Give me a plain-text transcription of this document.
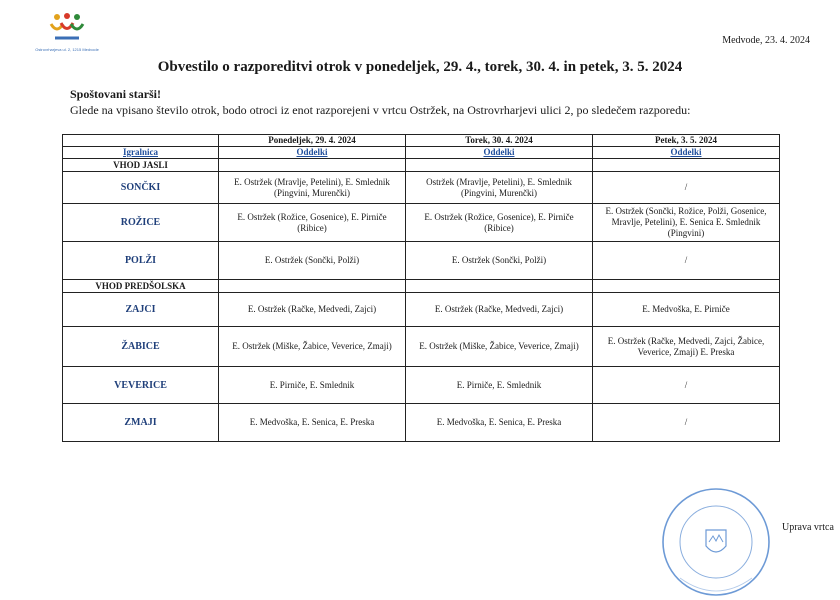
Ostrovrharjeva ul. 2, 1215 Medvode
Medvode, 23. 4. 2024
Obvestilo o razporeditvi otrok v ponedeljek, 29. 4., torek, 30. 4. in petek, 3. 5. 2024
Spoštovani starši!
Glede na vpisano število otrok, bodo otroci iz enot razporejeni v vrtcu Ostržek, na Ostrovrharjevi ulici 2, po sledečem razporedu:
	Ponedeljek, 29. 4. 2024	Torek, 30. 4. 2024	Petek, 3. 5. 2024
Igralnica	Oddelki	Oddelki	Oddelki
VHOD JASLI			
SONČKI	E. Ostržek (Mravlje, Petelini), E. Smlednik (Pingvini, Murenčki)	Ostržek (Mravlje, Petelini), E. Smlednik (Pingvini, Murenčki)	/
ROŽICE	E. Ostržek (Rožice, Gosenice), E. Pirniče (Ribice)	E. Ostržek (Rožice, Gosenice), E. Pirniče (Ribice)	E. Ostržek (Sončki, Rožice, Polži, Gosenice, Mravlje, Petelini), E. Senica E. Smlednik (Pingvini)
POLŽI	E. Ostržek (Sončki, Polži)	E. Ostržek (Sončki, Polži)	/
VHOD PREDŠOLSKA			
ZAJCI	E. Ostržek (Račke, Medvedi, Zajci)	E. Ostržek (Račke, Medvedi, Zajci)	E. Medvoška, E. Pirniče
ŽABICE	E. Ostržek (Miške, Žabice, Veverice, Zmaji)	E. Ostržek (Miške, Žabice, Veverice, Zmaji)	E. Ostržek (Račke, Medvedi, Zajci, Žabice, Veverice, Zmaji) E. Preska
VEVERICE	E. Pirniče, E. Smlednik	E. Pirniče, E. Smlednik	/
ZMAJI	E. Medvoška, E. Senica, E. Preska	E. Medvoška, E. Senica, E. Preska	/
Uprava vrtca
